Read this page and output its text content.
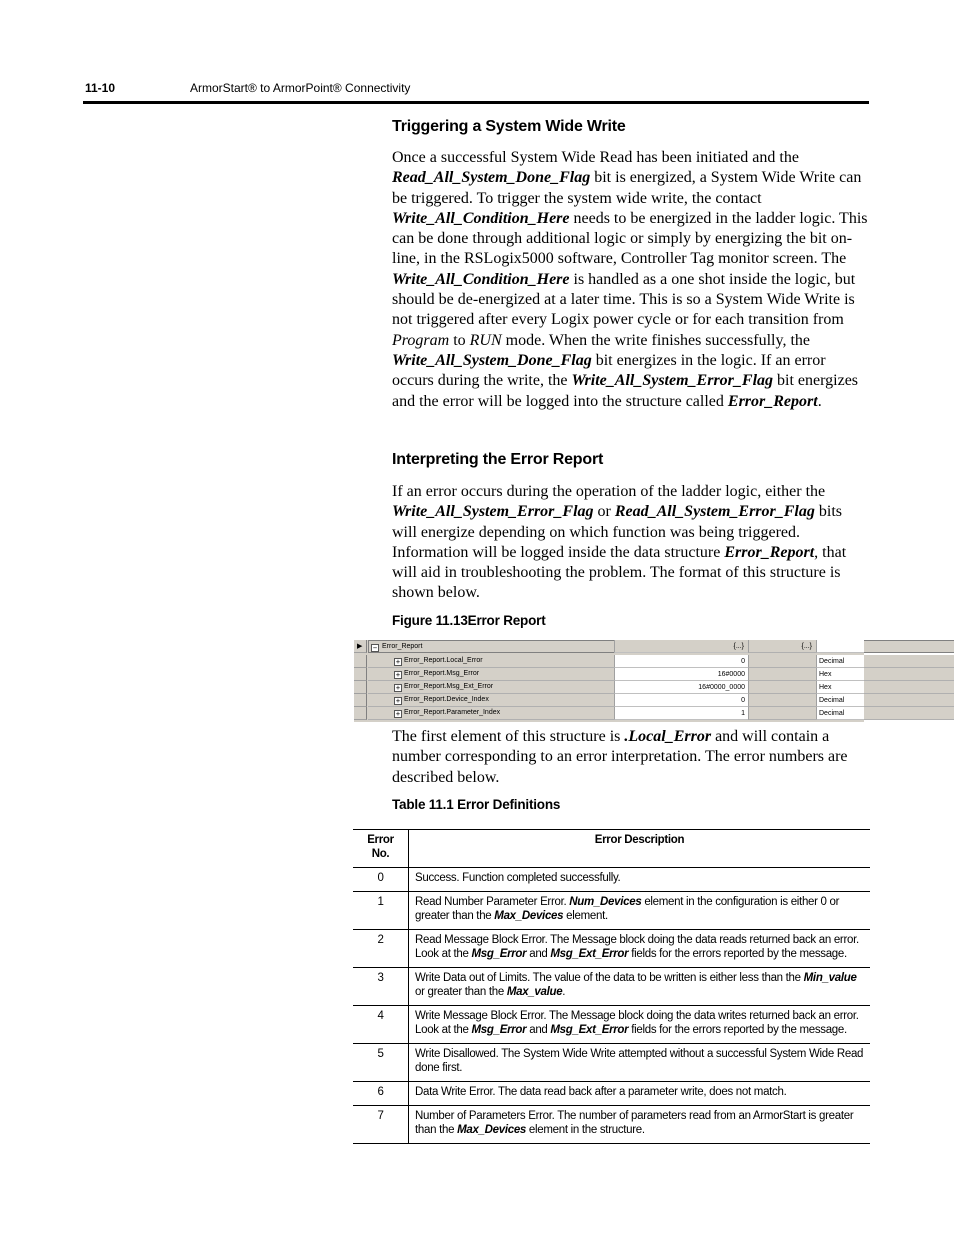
11-10	ArmorStart® to ArmorPoint® Connectivity
Triggering a System Wide Write
Once a successful System Wide Read has been initiated and the Read_All_System_Done_Flag bit is energized, a System Wide Write can be triggered. To trigger the system wide write, the contact Write_All_Condition_Here needs to be energized in the ladder logic. This can be done through additional logic or simply by energizing the bit on-line, in the RSLogix5000 software, Controller Tag monitor screen. The Write_All_Condition_Here is handled as a one shot inside the logic, but should be de-energized at a later time. This is so a System Wide Write is not triggered after every Logix power cycle or for each transition from Program to RUN mode. When the write finishes successfully, the Write_All_System_Done_Flag bit energizes in the logic. If an error occurs during the write, the Write_All_System_Error_Flag bit energizes and the error will be logged into the structure called Error_Report.
Interpreting the Error Report
If an error occurs during the operation of the ladder logic, either the Write_All_System_Error_Flag or Read_All_System_Error_Flag bits will energize depending on which function was being triggered. Information will be logged inside the data structure Error_Report, that will aid in troubleshooting the problem. The format of this structure is shown below.
Figure 11.13Error Report
▶ − Error_Report	{...}	{...}
+ Error_Report.Local_Error	0	Decimal
+ Error_Report.Msg_Error	16#0000	Hex
+ Error_Report.Msg_Ext_Error	16#0000_0000	Hex
+ Error_Report.Device_Index	0	Decimal
+ Error_Report.Parameter_Index	1	Decimal
The first element of this structure is .Local_Error and will contain a number corresponding to an error interpretation. The error numbers are described below.
Table 11.1 Error Definitions
Error No.	Error Description
0	Success. Function completed successfully.
1	Read Number Parameter Error. Num_Devices element in the configuration is either 0 or greater than the Max_Devices element.
2	Read Message Block Error. The Message block doing the data reads returned back an error. Look at the Msg_Error and Msg_Ext_Error fields for the errors reported by the message.
3	Write Data out of Limits. The value of the data to be written is either less than the Min_value or greater than the Max_value.
4	Write Message Block Error. The Message block doing the data writes returned back an error. Look at the Msg_Error and Msg_Ext_Error fields for the errors reported by the message.
5	Write Disallowed. The System Wide Write attempted without a successful System Wide Read done first.
6	Data Write Error. The data read back after a parameter write, does not match.
7	Number of Parameters Error. The number of parameters read from an ArmorStart is greater than the Max_Devices element in the structure.
